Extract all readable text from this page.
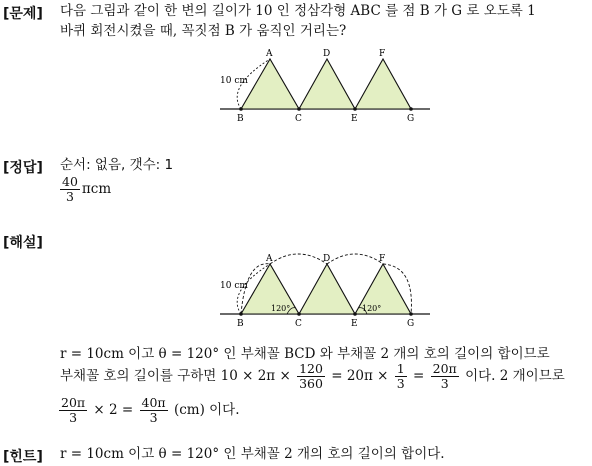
[문제] 다음 그림과 같이 한 변의 길이가 10 인 정삼각형 ABC 를 점 B 가 G 로 오도록 1
바퀴 회전시켰을 때, 꼭짓점 B 가 움직인 거리는?
10 cm
A	D	F
B	C	E	G
[정답] 순서: 없음, 갯수: 1
$\frac{40}{3}$ πcm
[해설]
10 cm
120°	120°
A	D	F
B	C	E	G
r = 10cm 이고 θ = 120° 인 부채꼴 BCD 와 부채꼴 2 개의 호의 길이의 합이므로
부채꼴 호의 길이를 구하면 $10 \times 2\pi \times \frac{120}{360} = 20\pi \times \frac{1}{3} = \frac{20\pi}{3}$ 이다. 2 개이므로
$\frac{20\pi}{3} \times 2 = \frac{40\pi}{3} (cm)$ 이다.
[힌트] r = 10cm 이고 θ = 120° 인 부채꼴 2 개의 호의 길이의 합이다.
